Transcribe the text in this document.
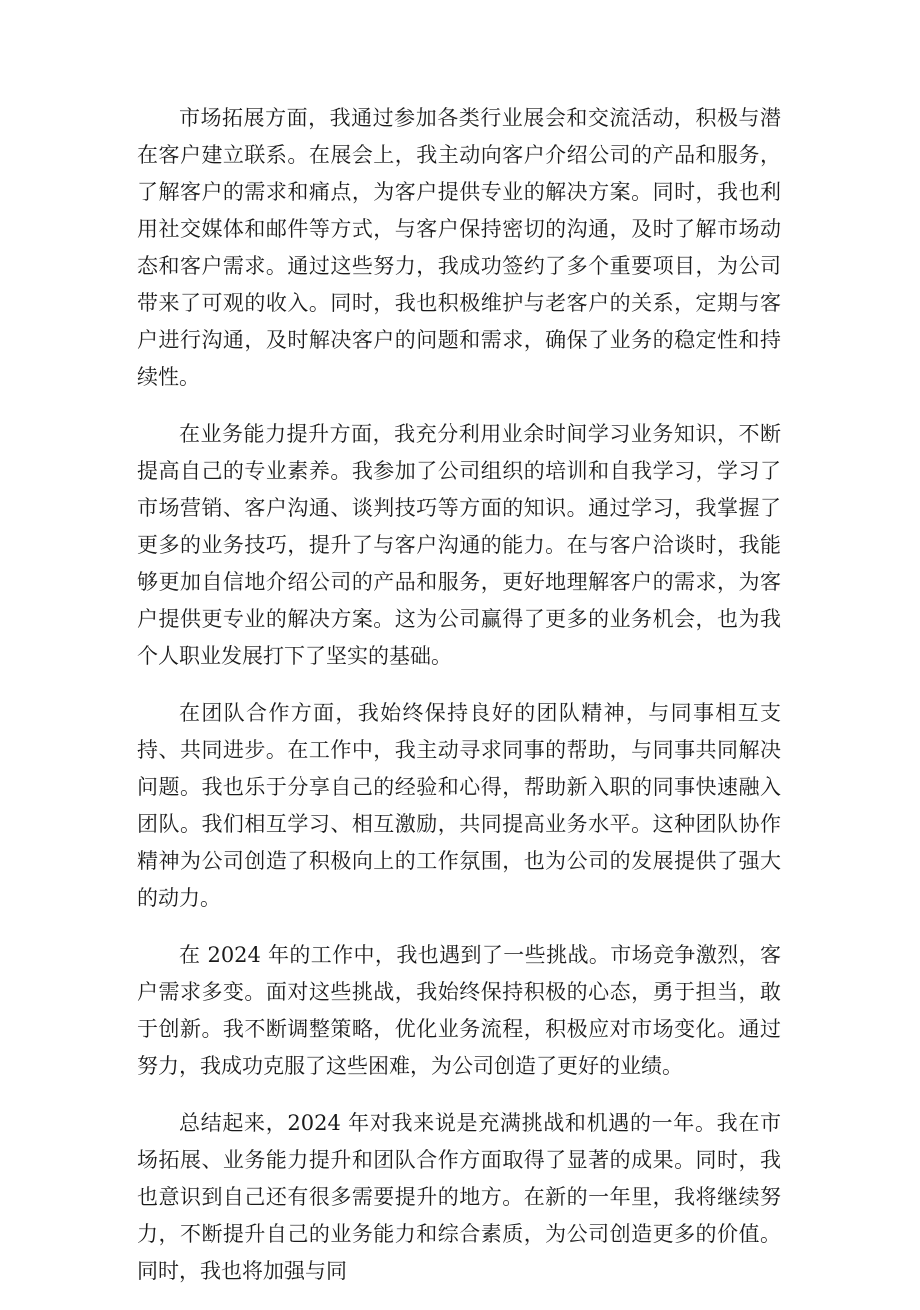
市场拓展方面，我通过参加各类行业展会和交流活动，积极与潜在客户建立联系。在展会上，我主动向客户介绍公司的产品和服务，了解客户的需求和痛点，为客户提供专业的解决方案。同时，我也利用社交媒体和邮件等方式，与客户保持密切的沟通，及时了解市场动态和客户需求。通过这些努力，我成功签约了多个重要项目，为公司带来了可观的收入。同时，我也积极维护与老客户的关系，定期与客户进行沟通，及时解决客户的问题和需求，确保了业务的稳定性和持续性。

在业务能力提升方面，我充分利用业余时间学习业务知识，不断提高自己的专业素养。我参加了公司组织的培训和自我学习，学习了市场营销、客户沟通、谈判技巧等方面的知识。通过学习，我掌握了更多的业务技巧，提升了与客户沟通的能力。在与客户洽谈时，我能够更加自信地介绍公司的产品和服务，更好地理解客户的需求，为客户提供更专业的解决方案。这为公司赢得了更多的业务机会，也为我个人职业发展打下了坚实的基础。

在团队合作方面，我始终保持良好的团队精神，与同事相互支持、共同进步。在工作中，我主动寻求同事的帮助，与同事共同解决问题。我也乐于分享自己的经验和心得，帮助新入职的同事快速融入团队。我们相互学习、相互激励，共同提高业务水平。这种团队协作精神为公司创造了积极向上的工作氛围，也为公司的发展提供了强大的动力。

在 2024 年的工作中，我也遇到了一些挑战。市场竞争激烈，客户需求多变。面对这些挑战，我始终保持积极的心态，勇于担当，敢于创新。我不断调整策略，优化业务流程，积极应对市场变化。通过努力，我成功克服了这些困难，为公司创造了更好的业绩。

总结起来，2024 年对我来说是充满挑战和机遇的一年。我在市场拓展、业务能力提升和团队合作方面取得了显著的成果。同时，我也意识到自己还有很多需要提升的地方。在新的一年里，我将继续努力，不断提升自己的业务能力和综合素质，为公司创造更多的价值。同时，我也将加强与同
